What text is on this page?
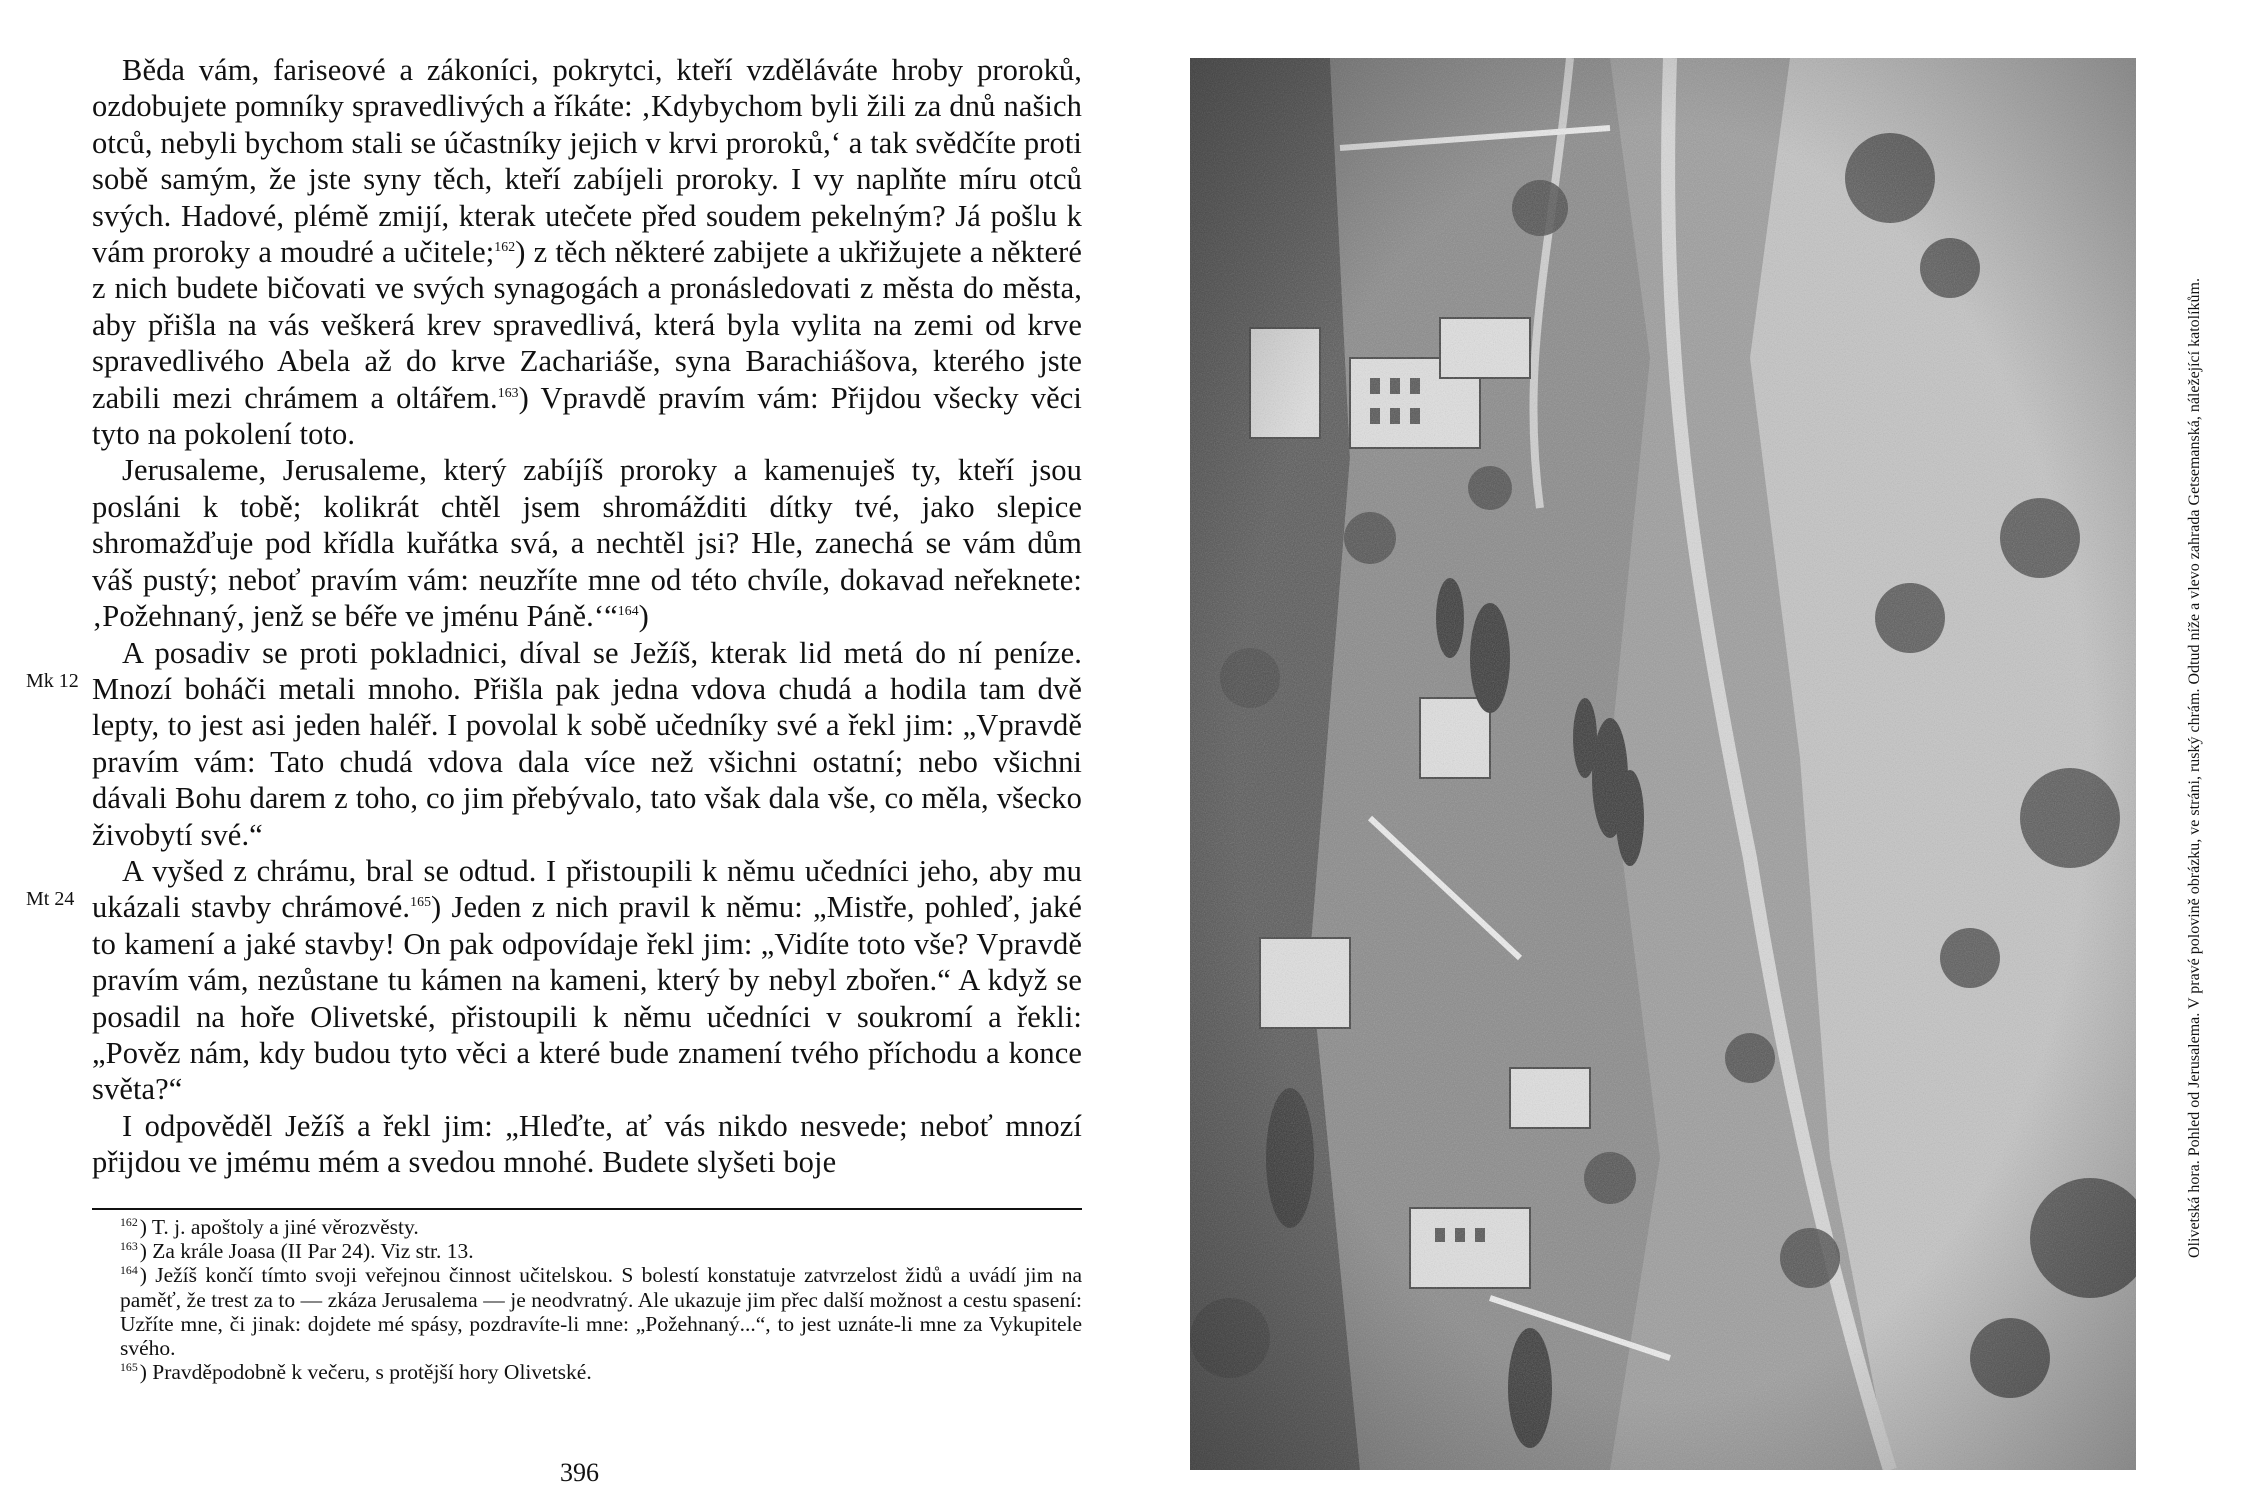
Běda vám, fariseové a zákoníci, pokrytci, kteří vzděláváte hroby proroků, ozdobujete pomníky spravedlivých a říkáte: ‚Kdybychom byli žili za dnů našich otců, nebyli bychom stali se účastníky jejich v krvi proroků,‘ a tak svědčíte proti sobě samým, že jste syny těch, kteří zabíjeli proroky. I vy naplňte míru otců svých. Hadové, plémě zmijí, kterak utečete před soudem pekelným? Já pošlu k vám proroky a moudré a učitele;$^{162}$) z těch některé zabijete a ukřižujete a některé z nich budete bičovati ve svých synagogách a pronásledovati z města do města, aby přišla na vás veškerá krev spravedlivá, která byla vylita na zemi od krve spravedlivého Abela až do krve Zachariáše, syna Barachiášova, kterého jste zabili mezi chrámem a oltářem.$^{163}$) Vpravdě pravím vám: Přijdou všecky věci tyto na pokolení toto.

Jerusaleme, Jerusaleme, který zabíjíš proroky a kamenuješ ty, kteří jsou posláni k tobě; kolikrát chtěl jsem shromážditi dítky tvé, jako slepice shromažďuje pod křídla kuřátka svá, a nechtěl jsi? Hle, zanechá se vám dům váš pustý; neboť pravím vám: neuzříte mne od této chvíle, dokavad neřeknete: ‚Požehnaný, jenž se béře ve jménu Páně.‘“$^{164}$)

A posadiv se proti pokladnici, díval se Ježíš, kterak lid metá do ní peníze. Mnozí boháči metali mnoho. Přišla pak jedna vdova chudá a hodila tam dvě lepty, to jest asi jeden haléř. I povolal k sobě učedníky své a řekl jim: „Vpravdě pravím vám: Tato chudá vdova dala více než všichni ostatní; nebo všichni dávali Bohu darem z toho, co jim přebývalo, tato však dala vše, co měla, všecko živobytí své.“

A vyšed z chrámu, bral se odtud. I přistoupili k němu učedníci jeho, aby mu ukázali stavby chrámové.$^{165}$) Jeden z nich pravil k němu: „Mistře, pohleď, jaké to kamení a jaké stavby! On pak odpovídaje řekl jim: „Vidíte toto vše? Vpravdě pravím vám, nezůstane tu kámen na kameni, který by nebyl zbořen.“ A když se posadil na hoře Olivetské, přistoupili k němu učedníci v soukromí a řekli: „Pověz nám, kdy budou tyto věci a které bude znamení tvého příchodu a konce světa?“

I odpověděl Ježíš a řekl jim: „Hleďte, ať vás nikdo nesvede; neboť mnozí přijdou ve jmému mém a svedou mnohé. Budete slyšeti boje

Mk 12
Mt 24

$^{162}$) T. j. apoštoly a jiné věrozvěsty.

$^{163}$) Za krále Joasa (II Par 24). Viz str. 13.

$^{164}$) Ježíš končí tímto svoji veřejnou činnost učitelskou. S bolestí konstatuje zatvrzelost židů a uvádí jim na paměť, že trest za to — zkáza Jerusalema — je neodvratný. Ale ukazuje jim přec další možnost a cestu spasení: Uzříte mne, či jinak: dojdete mé spásy, pozdravíte-li mne: „Požehnaný...“, to jest uznáte-li mne za Vykupitele svého.

$^{165}$) Pravděpodobně k večeru, s protější hory Olivetské.

396
Olivetská hora. Pohled od Jerusalema. V pravé polovině obrázku, ve stráni, ruský chrám. Odtud níže a vlevo zahrada Getsemanská, náležející katolíkům.
